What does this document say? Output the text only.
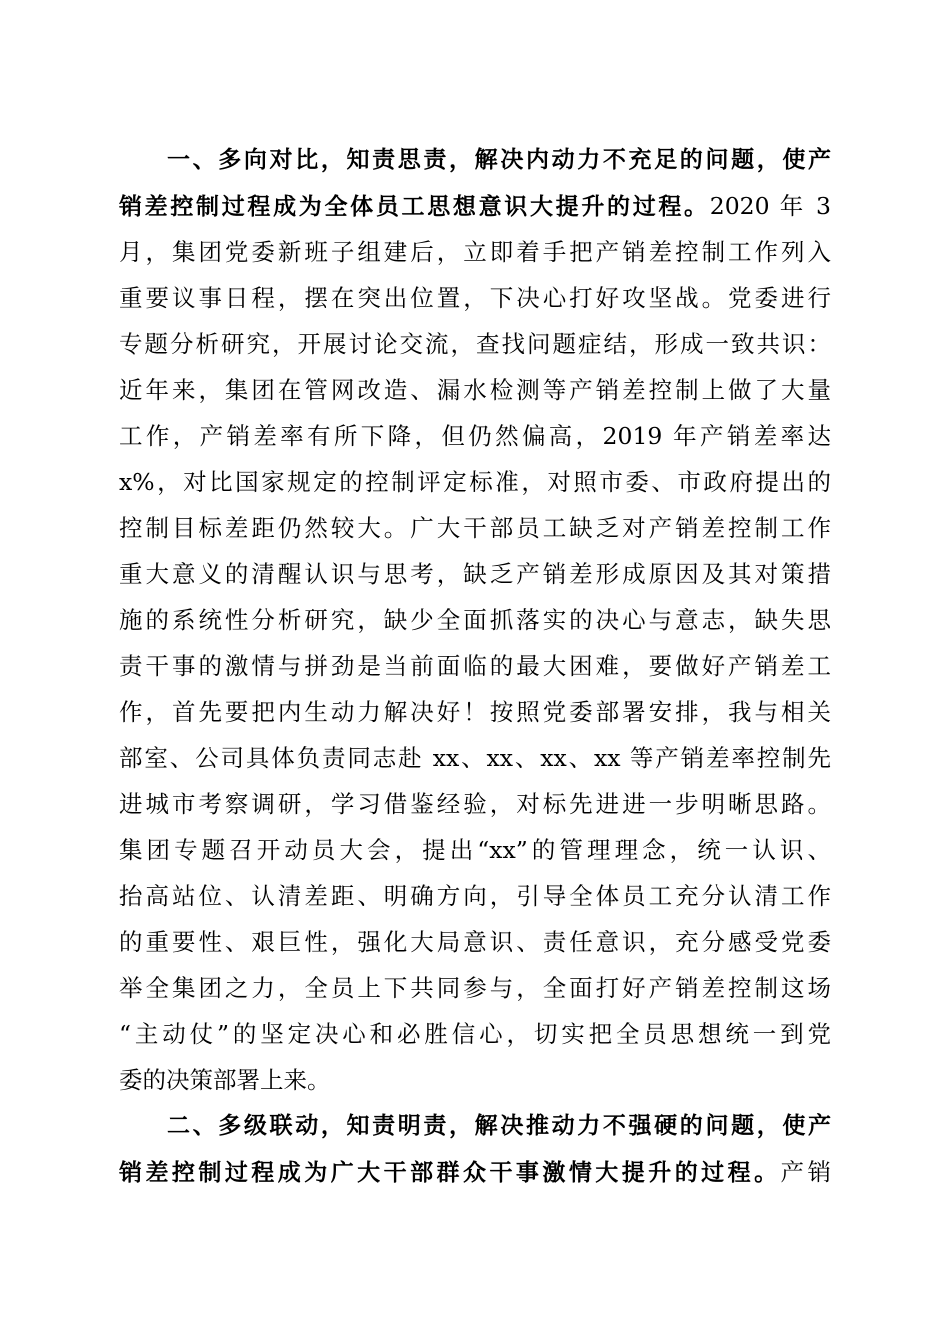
一、多向对比，知责思责，解决内动力不充足的问题，使产
销差控制过程成为全体员工思想意识大提升的过程。2020 年 3
月，集团党委新班子组建后，立即着手把产销差控制工作列入
重要议事日程，摆在突出位置，下决心打好攻坚战。党委进行
专题分析研究，开展讨论交流，查找问题症结，形成一致共识：
近年来，集团在管网改造、漏水检测等产销差控制上做了大量
工作，产销差率有所下降，但仍然偏高，2019 年产销差率达
x%，对比国家规定的控制评定标准，对照市委、市政府提出的
控制目标差距仍然较大。广大干部员工缺乏对产销差控制工作
重大意义的清醒认识与思考，缺乏产销差形成原因及其对策措
施的系统性分析研究，缺少全面抓落实的决心与意志，缺失思
责干事的激情与拼劲是当前面临的最大困难，要做好产销差工
作，首先要把内生动力解决好！按照党委部署安排，我与相关
部室、公司具体负责同志赴 xx、xx、xx、xx 等产销差率控制先
进城市考察调研，学习借鉴经验，对标先进进一步明晰思路。
集团专题召开动员大会，提出“xx”的管理理念，统一认识、
抬高站位、认清差距、明确方向，引导全体员工充分认清工作
的重要性、艰巨性，强化大局意识、责任意识，充分感受党委
举全集团之力，全员上下共同参与，全面打好产销差控制这场
“主动仗”的坚定决心和必胜信心，切实把全员思想统一到党
委的决策部署上来。
二、多级联动，知责明责，解决推动力不强硬的问题，使产
销差控制过程成为广大干部群众干事激情大提升的过程。产销
